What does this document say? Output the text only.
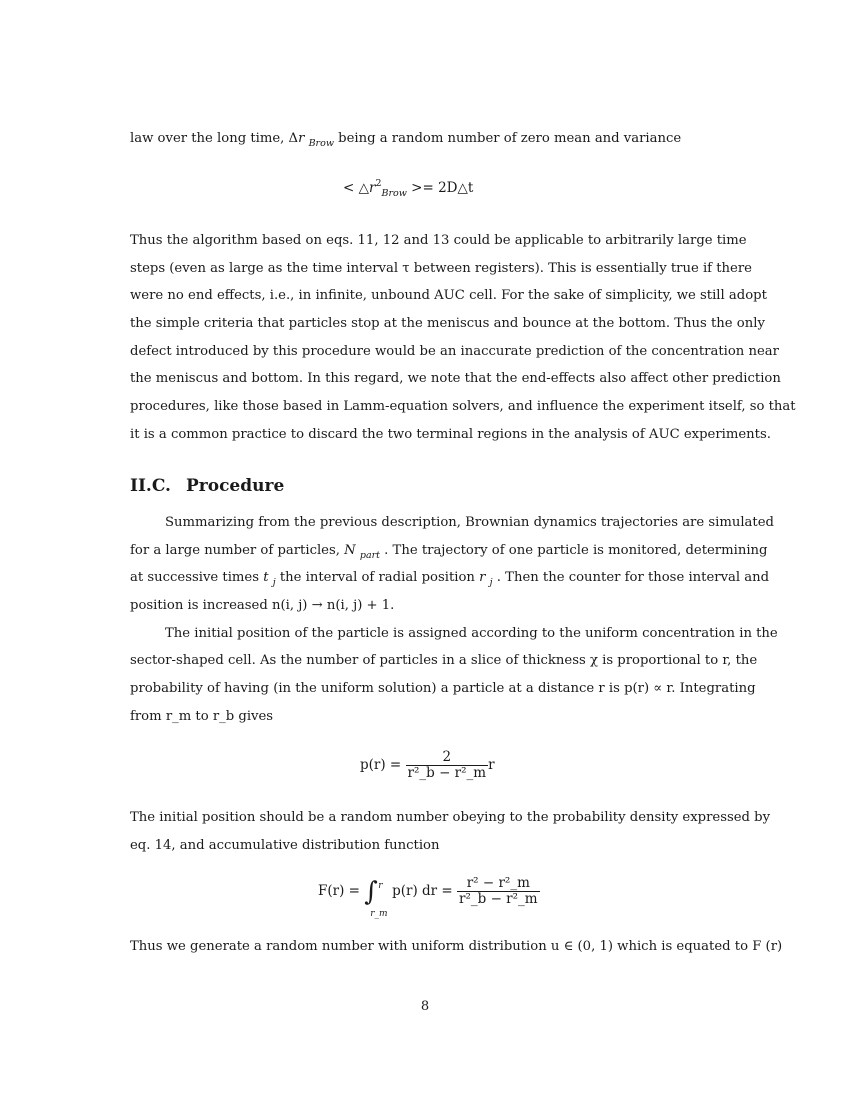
law over the long time, Δr $_{Brow}$ being a random number of zero mean and variance
< $\triangle r^2_{Brow}$ >= 2D△t
Thus the algorithm based on eqs. 11, 12 and 13 could be applicable to arbitrarily large time
steps (even as large as the time interval τ between registers). This is essentially true if there
were no end effects, i.e., in infinite, unbound AUC cell. For the sake of simplicity, we still adopt
the simple criteria that particles stop at the meniscus and bounce at the bottom. Thus the only
defect introduced by this procedure would be an inaccurate prediction of the concentration near
the meniscus and bottom. In this regard, we note that the end-effects also affect other prediction
procedures, like those based in Lamm-equation solvers, and influence the experiment itself, so that
it is a common practice to discard the two terminal regions in the analysis of AUC experiments.
II.C. Procedure
Summarizing from the previous description, Brownian dynamics trajectories are simulated
for a large number of particles, N $_{part}$ . The trajectory of one particle is monitored, determining
at successive times t $_j$ the interval of radial position r $_j$ . Then the counter for those interval and
position is increased n(i, j) → n(i, j) + 1.
The initial position of the particle is assigned according to the uniform concentration in the
sector-shaped cell. As the number of particles in a slice of thickness χ is proportional to r, the
probability of having (in the uniform solution) a particle at a distance r is p(r) ∝ r. Integrating
from r_m to r_b gives
$p(r) = \frac{2}{\text{r²\_b − r²\_m}}$ r
The initial position should be a random number obeying to the probability density expressed by
eq. 14, and accumulative distribution function
F(r) = ∫ r
r_m
p(r) dr = $\frac{\text{r² − r²\_m}}{\text{r²\_b − r²\_m}}$
Thus we generate a random number with uniform distribution u ∈ (0, 1) which is equated to F (r)
8
